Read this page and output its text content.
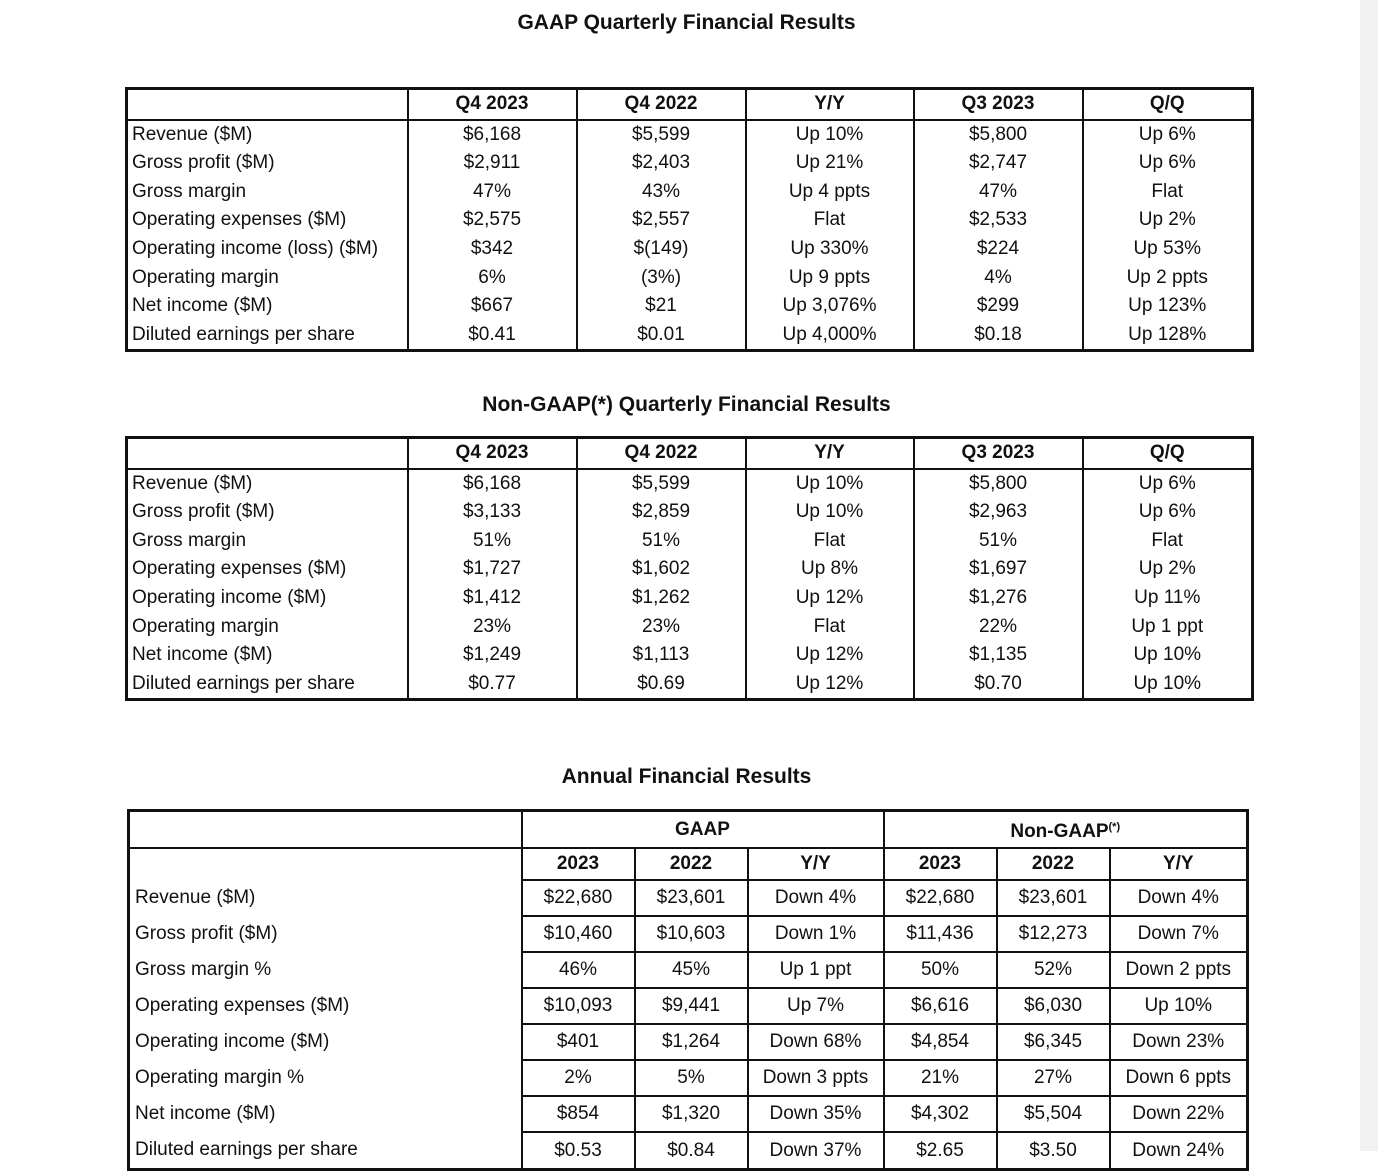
GAAP Quarterly Financial Results
	Q4 2023	Q4 2022	Y/Y	Q3 2023	Q/Q
Revenue ($M)	$6,168	$5,599	Up 10%	$5,800	Up 6%
Gross profit ($M)	$2,911	$2,403	Up 21%	$2,747	Up 6%
Gross margin	47%	43%	Up 4 ppts	47%	Flat
Operating expenses ($M)	$2,575	$2,557	Flat	$2,533	Up 2%
Operating income (loss) ($M)	$342	$(149)	Up 330%	$224	Up 53%
Operating margin	6%	(3%)	Up 9 ppts	4%	Up 2 ppts
Net income ($M)	$667	$21	Up 3,076%	$299	Up 123%
Diluted earnings per share	$0.41	$0.01	Up 4,000%	$0.18	Up 128%
Non-GAAP(*) Quarterly Financial Results
	Q4 2023	Q4 2022	Y/Y	Q3 2023	Q/Q
Revenue ($M)	$6,168	$5,599	Up 10%	$5,800	Up 6%
Gross profit ($M)	$3,133	$2,859	Up 10%	$2,963	Up 6%
Gross margin	51%	51%	Flat	51%	Flat
Operating expenses ($M)	$1,727	$1,602	Up 8%	$1,697	Up 2%
Operating income ($M)	$1,412	$1,262	Up 12%	$1,276	Up 11%
Operating margin	23%	23%	Flat	22%	Up 1 ppt
Net income ($M)	$1,249	$1,113	Up 12%	$1,135	Up 10%
Diluted earnings per share	$0.77	$0.69	Up 12%	$0.70	Up 10%
Annual Financial Results
	GAAP			Non-GAAP(*)
	2023	2022	Y/Y	2023	2022	Y/Y
Revenue ($M)	$22,680	$23,601	Down 4%	$22,680	$23,601	Down 4%
Gross profit ($M)	$10,460	$10,603	Down 1%	$11,436	$12,273	Down 7%
Gross margin %	46%	45%	Up 1 ppt	50%	52%	Down 2 ppts
Operating expenses ($M)	$10,093	$9,441	Up 7%	$6,616	$6,030	Up 10%
Operating income ($M)	$401	$1,264	Down 68%	$4,854	$6,345	Down 23%
Operating margin %	2%	5%	Down 3 ppts	21%	27%	Down 6 ppts
Net income ($M)	$854	$1,320	Down 35%	$4,302	$5,504	Down 22%
Diluted earnings per share	$0.53	$0.84	Down 37%	$2.65	$3.50	Down 24%
